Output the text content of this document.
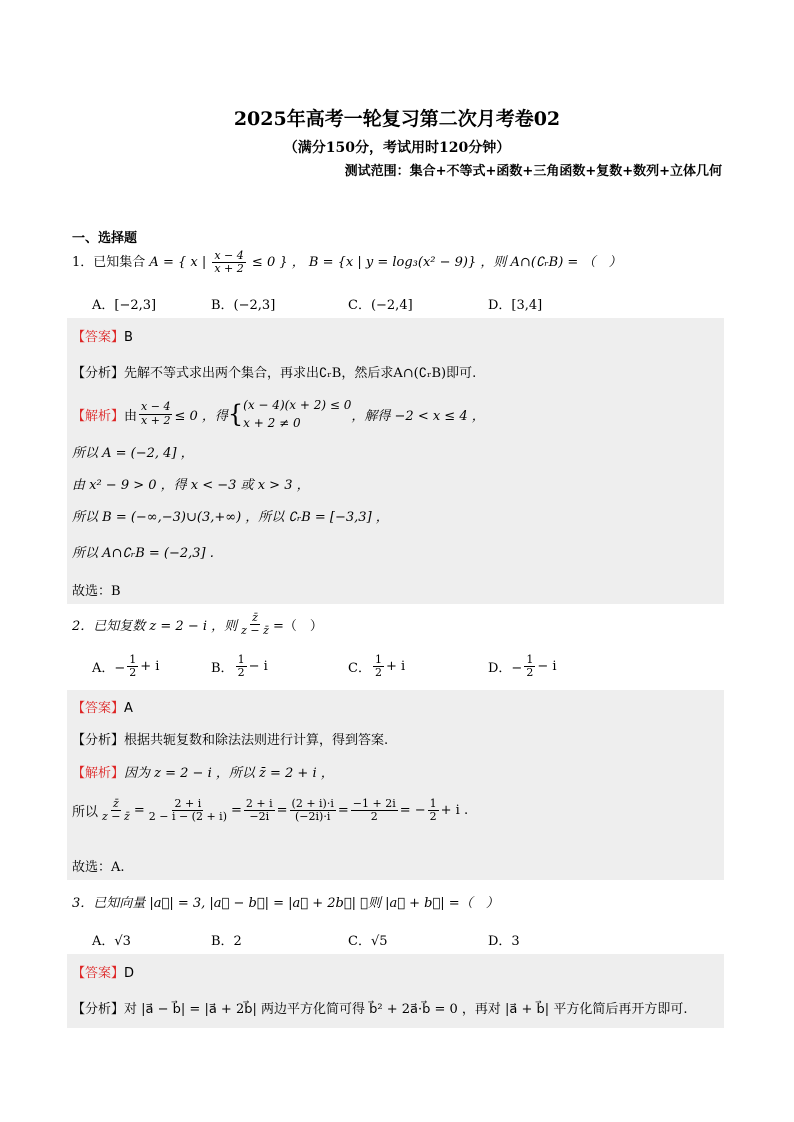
2025年高考一轮复习第二次月考卷02
（满分150分，考试用时120分钟）
测试范围：集合+不等式+函数+三角函数+复数+数列+立体几何
一、选择题
1．已知集合 A = { x | $\frac{x - 4}{x + 2} \le 0$ } ， B = {x | y = log₃(x² − 9)} ，则 A∩(∁ᵣB) = （　）
A．[−2,3]	B．(−2,3]	C．(−2,4]	D．[3,4]
【答案】B
【分析】先解不等式求出两个集合，再求出∁ᵣB，然后求A∩(∁ᵣB)即可.
【解析】 由 $\frac{x - 4}{x + 2} \le 0$ ，得 { (x − 4)(x + 2) ≤ 0
x + 2 ≠ 0	，解得 −2 < x ≤ 4 ，
所以 A = (−2, 4] ，
由 x² − 9 > 0 ，得 x < −3 或 x > 3 ，
所以 B = (−∞,−3)∪(3,+∞) ，所以 ∁ᵣB = [−3,3] ，
所以 A∩∁ᵣB = (−2,3] .
故选：B
2．已知复数 z = 2 − i ，则 $\frac{z̄}{z - z̄}$ =（　）
A．− $\frac{1}{2} + i$	B． $\frac{1}{2} - i$	C． $\frac{1}{2} + i$	D．− $\frac{1}{2} - i$
【答案】A
【分析】根据共轭复数和除法法则进行计算，得到答案.
【解析】因为 z = 2 − i ，所以 z̄ = 2 + i ，
所以 $\frac{z̄}{z - z̄} = \frac{2 + i}{2 - i - (2 + i)} = \frac{2 + i}{-2i} = \frac{(2 + i)\cdot i}{(-2i)\cdot i} = \frac{-1 + 2i}{2}$ = − $\frac{1}{2} + i$ .
故选：A.
3．已知向量 |a⃗| = 3, |a⃗ − b⃗| = |a⃗ + 2b⃗| ，则 |a⃗ + b⃗| =（　）
A．√3	B．2	C．√5	D．3
【答案】D
【分析】对 |a⃗ − b⃗| = |a⃗ + 2b⃗| 两边平方化简可得 b⃗² + 2a⃗·b⃗ = 0 ，再对 |a⃗ + b⃗| 平方化简后再开方即可.
